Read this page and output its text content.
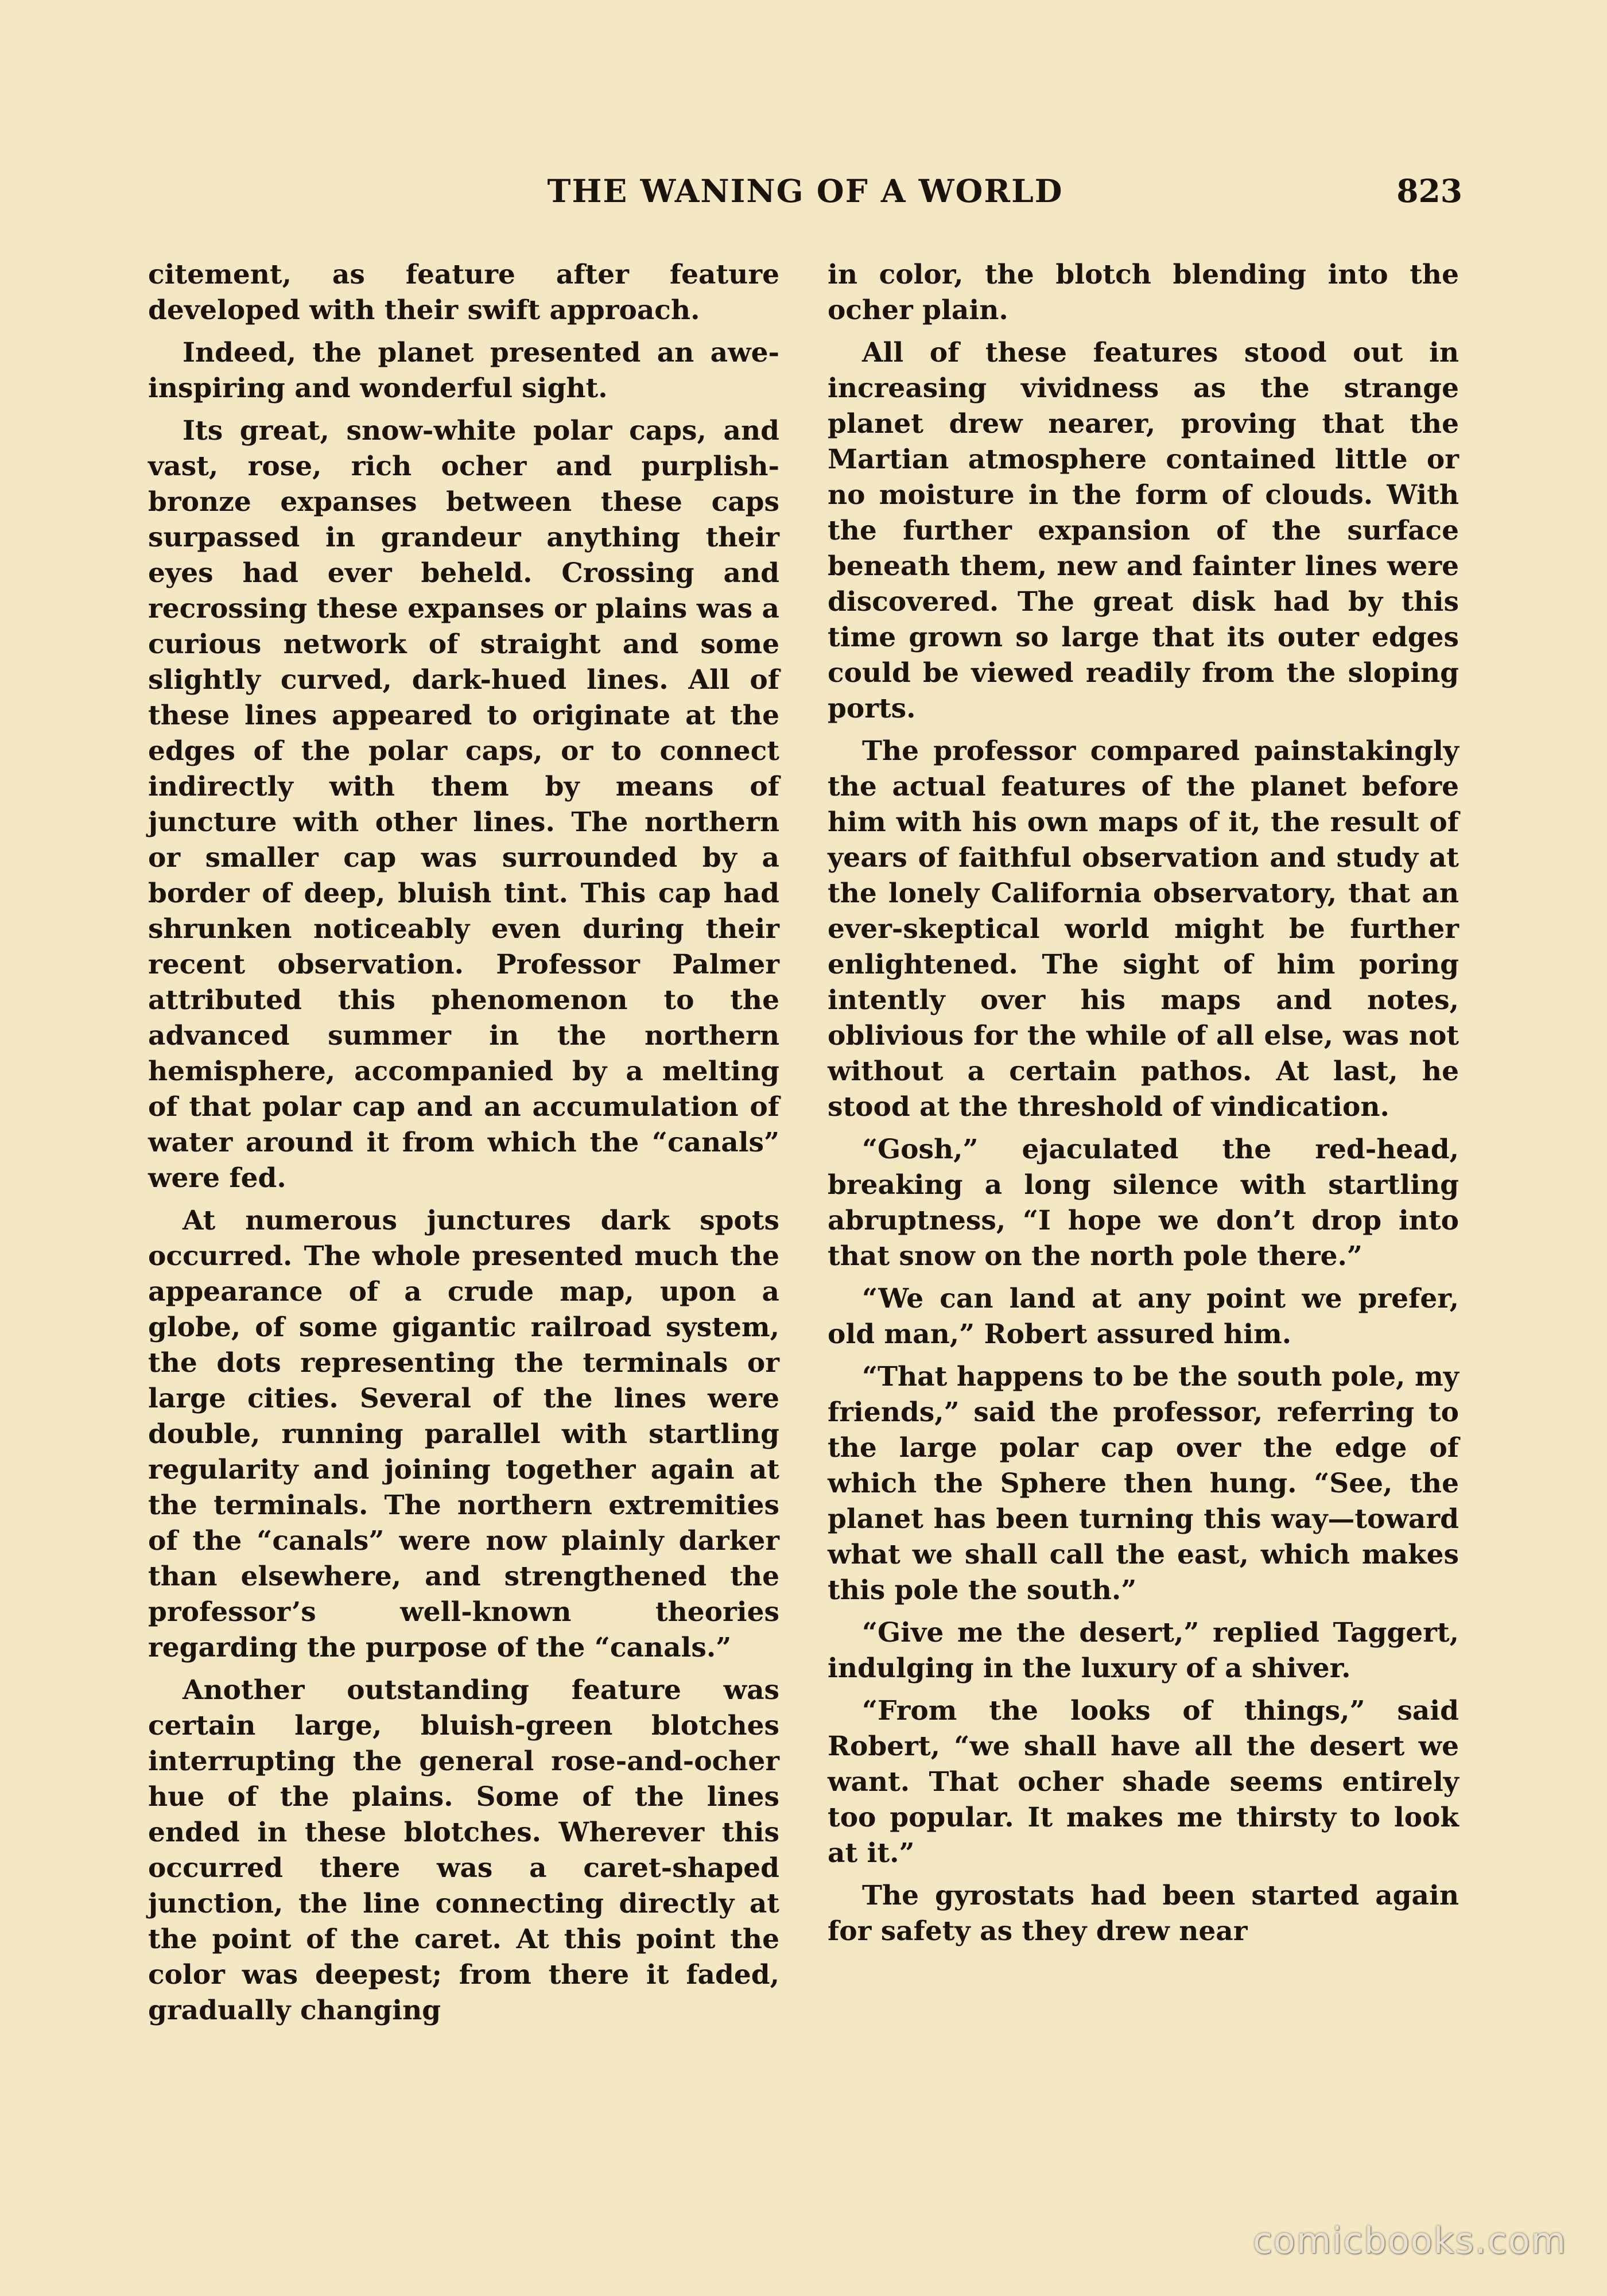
THE WANING OF A WORLD	823

citement, as feature after feature developed with their swift approach.

Indeed, the planet presented an awe-inspiring and wonderful sight.

Its great, snow-white polar caps, and vast, rose, rich ocher and purplish-bronze expanses between these caps surpassed in grandeur anything their eyes had ever beheld. Crossing and recrossing these expanses or plains was a curious network of straight and some slightly curved, dark-hued lines. All of these lines appeared to originate at the edges of the polar caps, or to connect indirectly with them by means of juncture with other lines. The northern or smaller cap was surrounded by a border of deep, bluish tint. This cap had shrunken noticeably even during their recent observation. Professor Palmer attributed this phenomenon to the advanced summer in the northern hemisphere, accompanied by a melting of that polar cap and an accumulation of water around it from which the “canals” were fed.

At numerous junctures dark spots occurred. The whole presented much the appearance of a crude map, upon a globe, of some gigantic railroad system, the dots representing the terminals or large cities. Several of the lines were double, running parallel with startling regularity and joining together again at the terminals. The northern extremities of the “canals” were now plainly darker than elsewhere, and strengthened the professor’s well-known theories regarding the purpose of the “canals.”

Another outstanding feature was certain large, bluish-green blotches interrupting the general rose-and-ocher hue of the plains. Some of the lines ended in these blotches. Wherever this occurred there was a caret-shaped junction, the line connecting directly at the point of the caret. At this point the color was deepest; from there it faded, gradually changing

in color, the blotch blending into the ocher plain.

All of these features stood out in increasing vividness as the strange planet drew nearer, proving that the Martian atmosphere contained little or no moisture in the form of clouds. With the further expansion of the surface beneath them, new and fainter lines were discovered. The great disk had by this time grown so large that its outer edges could be viewed readily from the sloping ports.

The professor compared painstakingly the actual features of the planet before him with his own maps of it, the result of years of faithful observation and study at the lonely California observatory, that an ever-skeptical world might be further enlightened. The sight of him poring intently over his maps and notes, oblivious for the while of all else, was not without a certain pathos. At last, he stood at the threshold of vindication.

“Gosh,” ejaculated the red-head, breaking a long silence with startling abruptness, “I hope we don’t drop into that snow on the north pole there.”

“We can land at any point we prefer, old man,” Robert assured him.

“That happens to be the south pole, my friends,” said the professor, referring to the large polar cap over the edge of which the Sphere then hung. “See, the planet has been turning this way—toward what we shall call the east, which makes this pole the south.”

“Give me the desert,” replied Taggert, indulging in the luxury of a shiver.

“From the looks of things,” said Robert, “we shall have all the desert we want. That ocher shade seems entirely too popular. It makes me thirsty to look at it.”

The gyrostats had been started again for safety as they drew near

comicbooks.com
